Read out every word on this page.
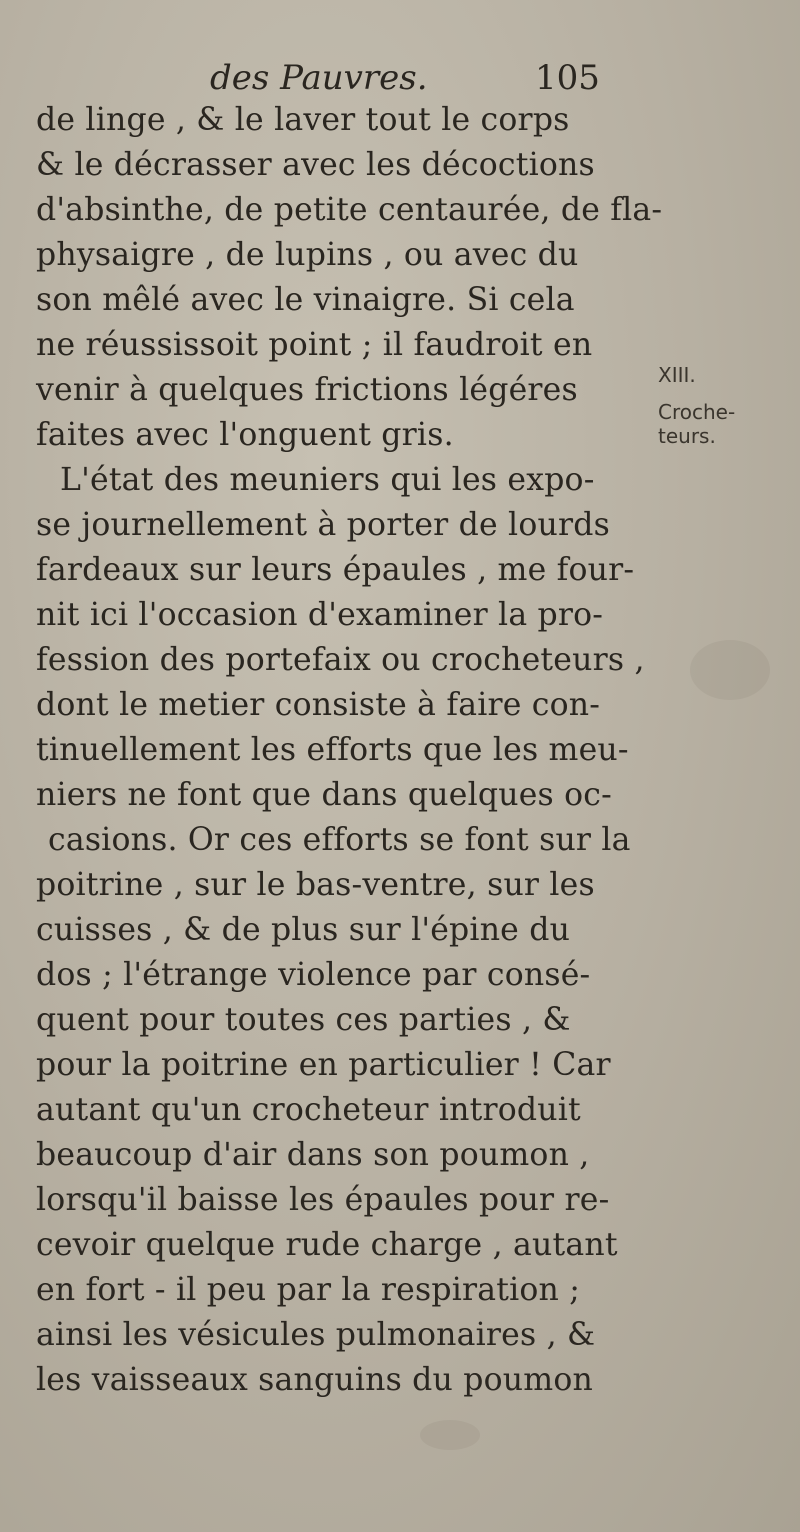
des Pauvres.	105
de linge , & le laver tout le corps
& le décrasser avec les décoctions
d'absinthe, de petite centaurée, de fla-
physaigre , de lupins , ou avec du
son mêlé avec le vinaigre. Si cela
ne réussissoit point ; il faudroit en
venir à quelques frictions légéres
faites avec l'onguent gris.
L'état des meuniers qui les expo-
se journellement à porter de lourds
fardeaux sur leurs épaules , me four-
nit ici l'occasion d'examiner la pro-
fession des portefaix ou crocheteurs ,
dont le metier consiste à faire con-
tinuellement les efforts que les meu-
niers ne font que dans quelques oc-
casions. Or ces efforts se font sur la
poitrine , sur le bas-ventre, sur les
cuisses , & de plus sur l'épine du
dos ; l'étrange violence par consé-
quent pour toutes ces parties , &
pour la poitrine en particulier ! Car
autant qu'un crocheteur introduit
beaucoup d'air dans son poumon ,
lorsqu'il baisse les épaules pour re-
cevoir quelque rude charge , autant
en fort - il peu par la respiration ;
ainsi les vésicules pulmonaires , &
les vaisseaux sanguins du poumon
XIII.
Croche-
teurs.
